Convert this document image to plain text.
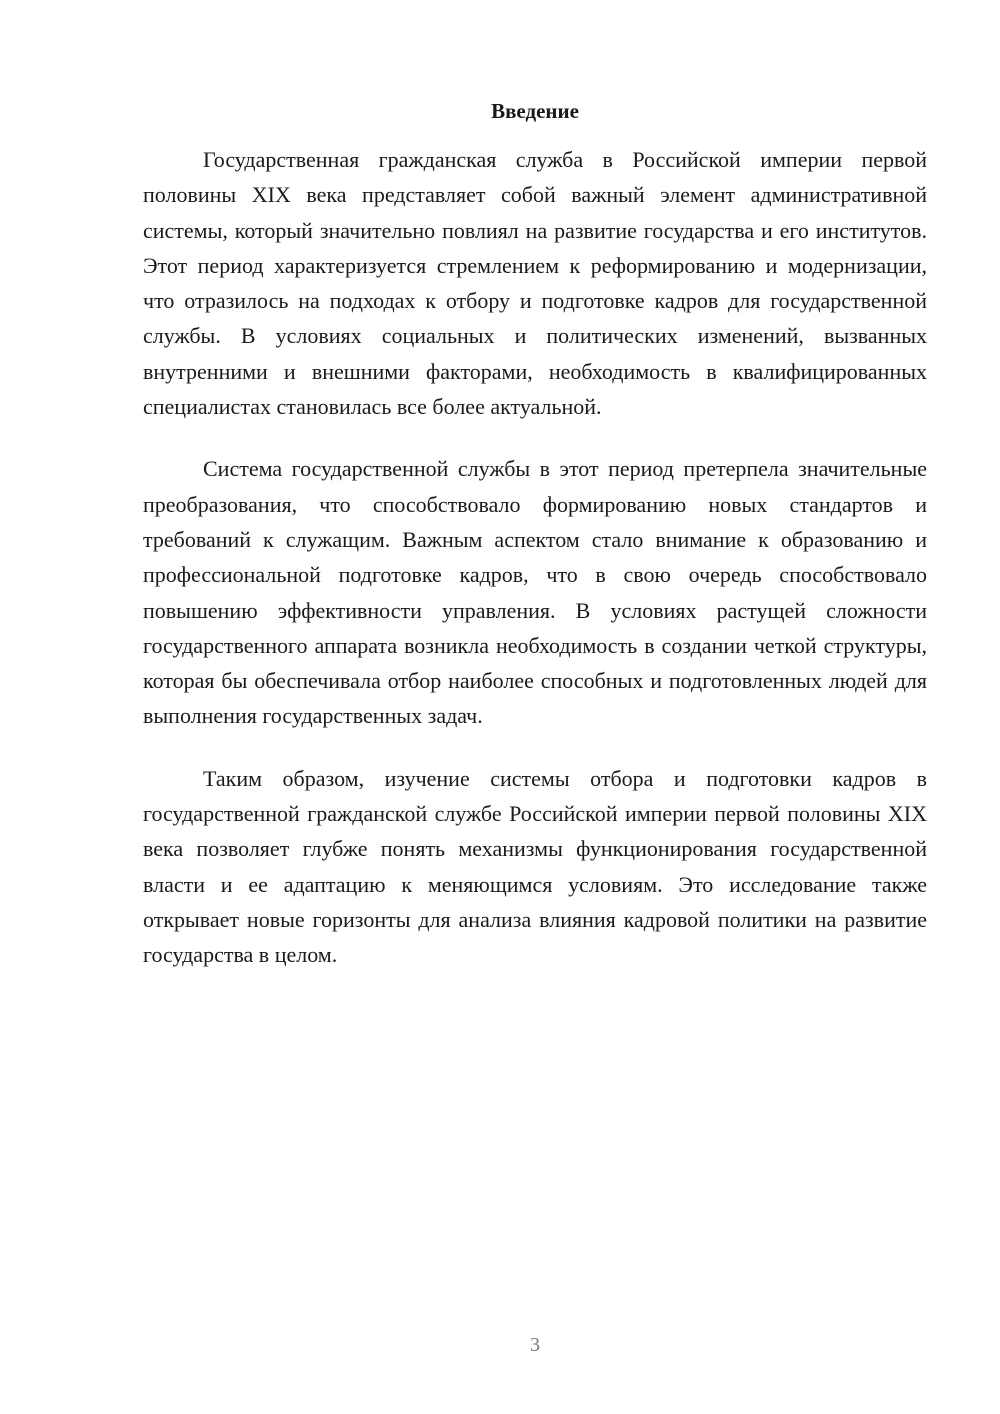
Введение

Государственная гражданская служба в Российской империи первой половины XIX века представляет собой важный элемент административной системы, который значительно повлиял на развитие государства и его институтов. Этот период характеризуется стремлением к реформированию и модернизации, что отразилось на подходах к отбору и подготовке кадров для государственной службы. В условиях социальных и политических изменений, вызванных внутренними и внешними факторами, необходимость в квалифицированных специалистах становилась все более актуальной.

Система государственной службы в этот период претерпела значительные преобразования, что способствовало формированию новых стандартов и требований к служащим. Важным аспектом стало внимание к образованию и профессиональной подготовке кадров, что в свою очередь способствовало повышению эффективности управления. В условиях растущей сложности государственного аппарата возникла необходимость в создании четкой структуры, которая бы обеспечивала отбор наиболее способных и подготовленных людей для выполнения государственных задач.

Таким образом, изучение системы отбора и подготовки кадров в государственной гражданской службе Российской империи первой половины XIX века позволяет глубже понять механизмы функционирования государственной власти и ее адаптацию к меняющимся условиям. Это исследование также открывает новые горизонты для анализа влияния кадровой политики на развитие государства в целом.

3
